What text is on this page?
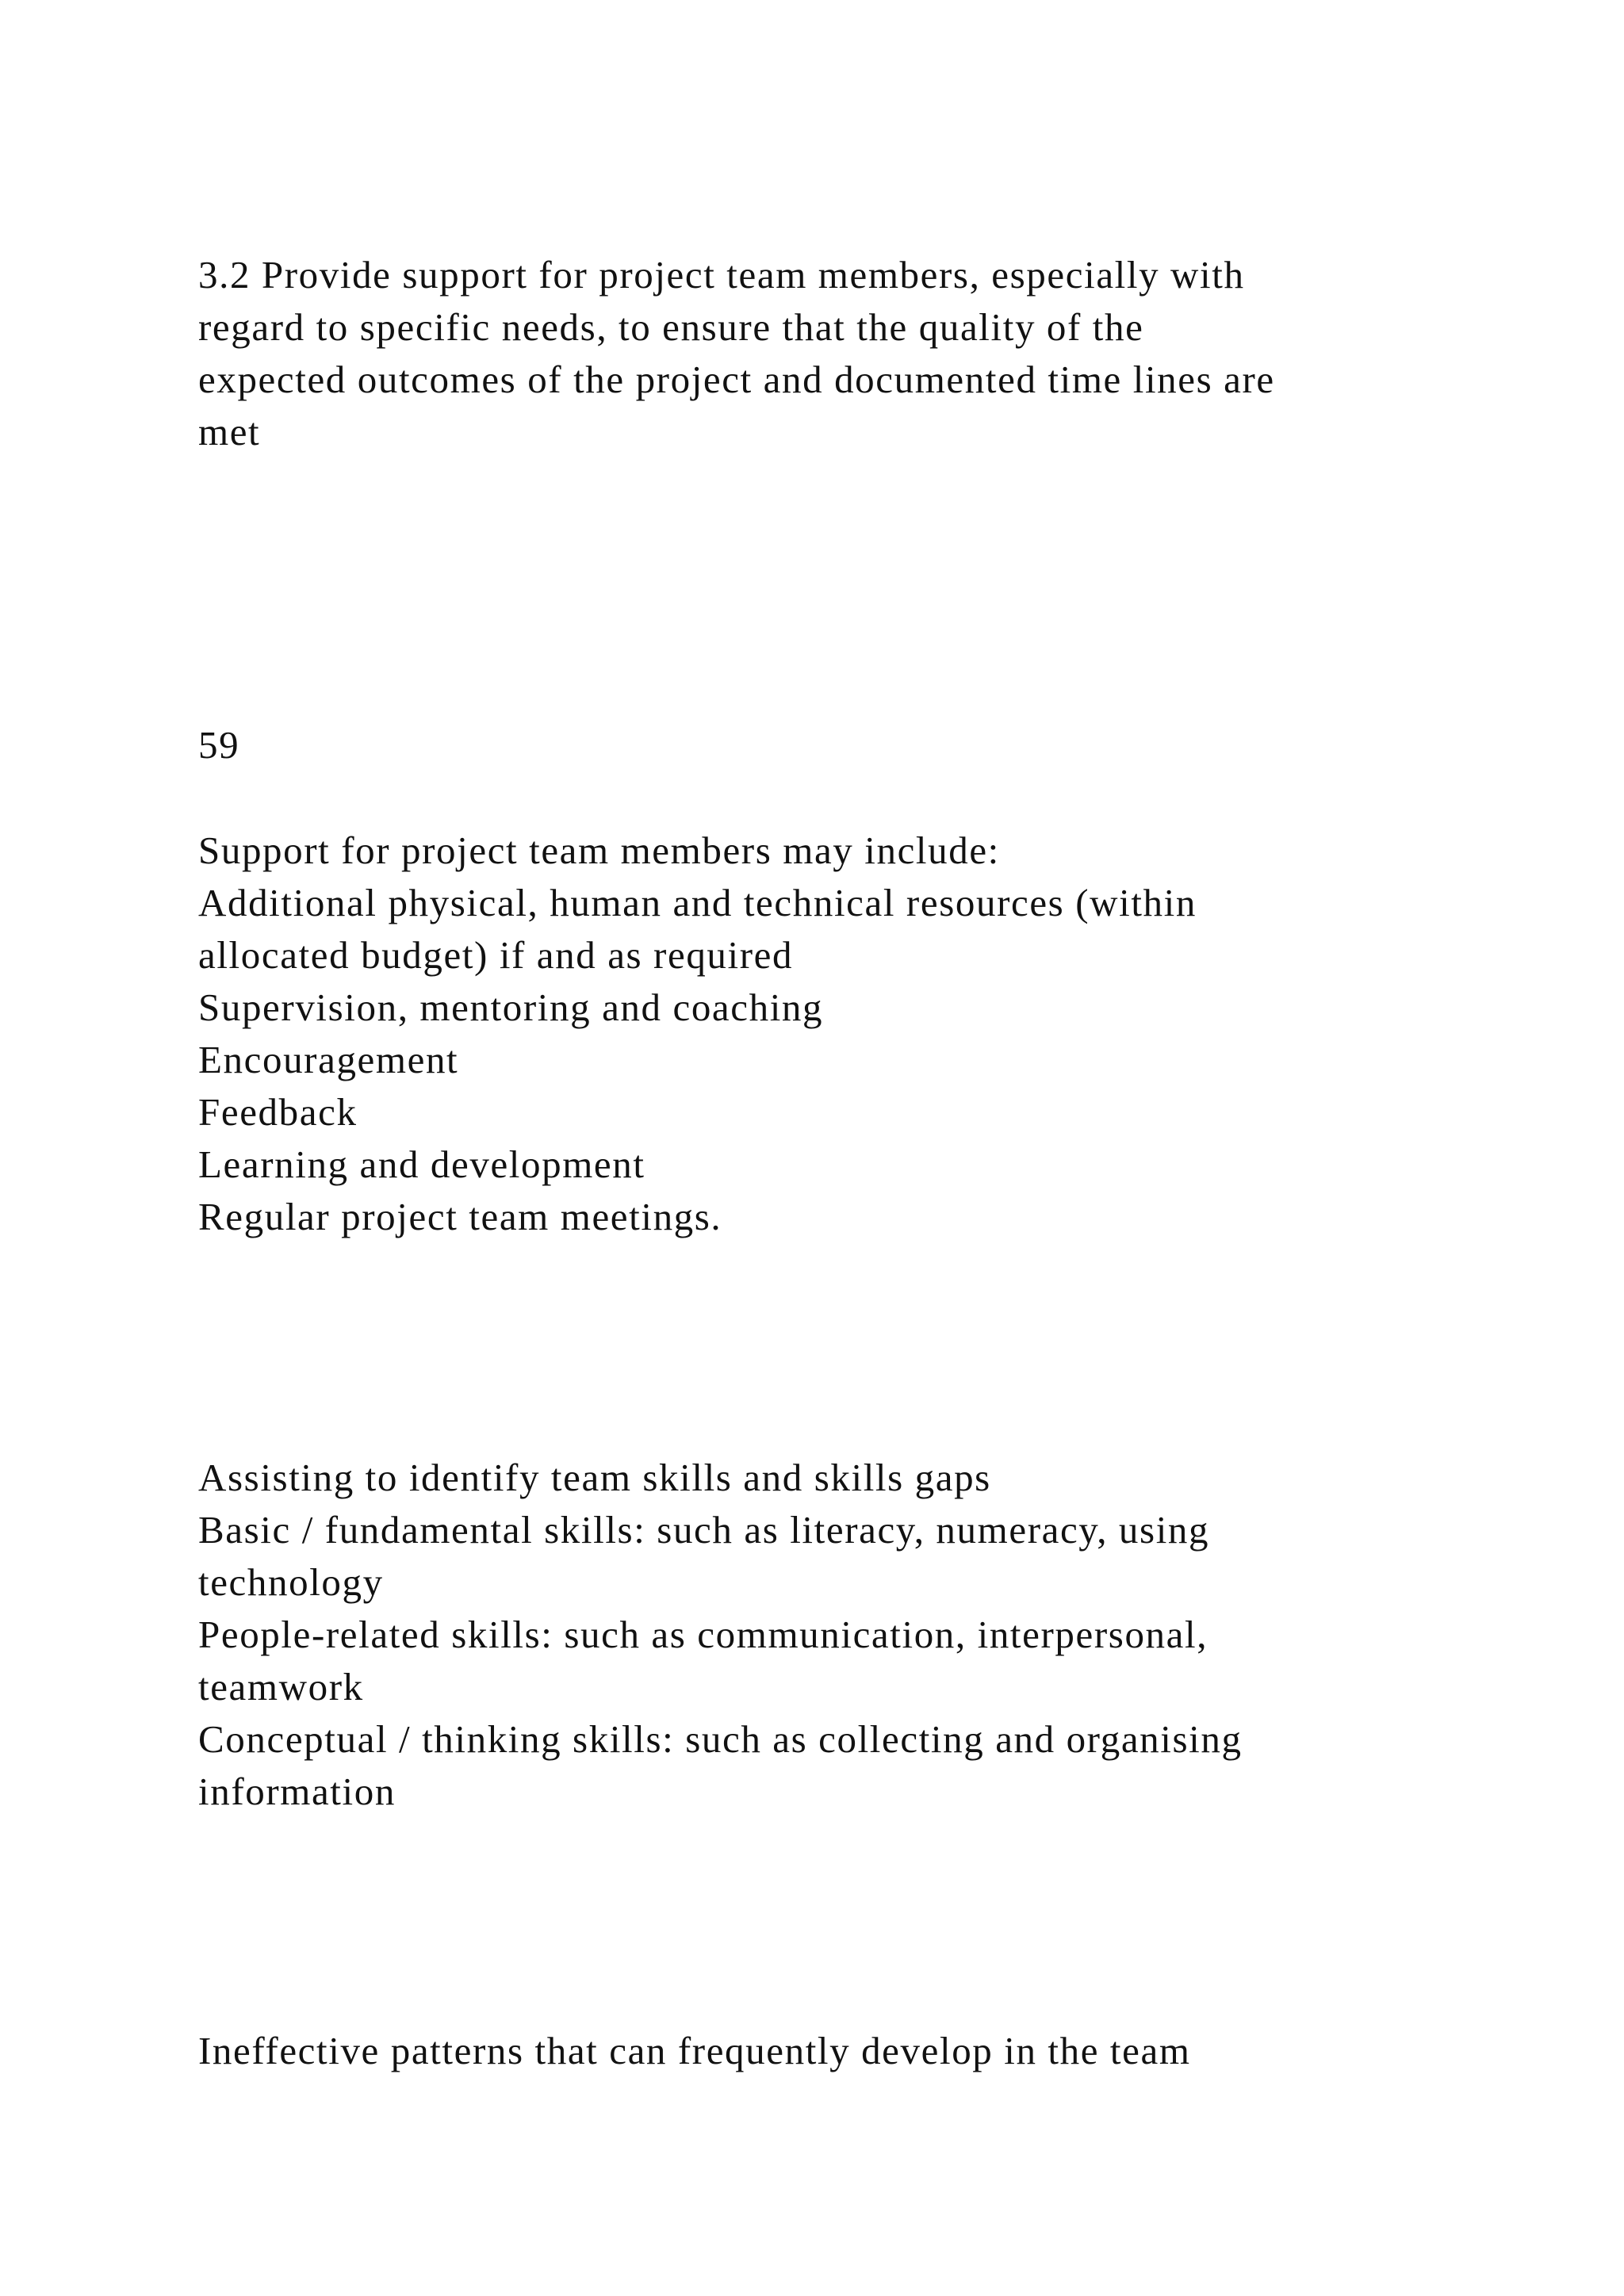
3.2 Provide support for project team members, especially with
regard to specific needs, to ensure that the quality of the
expected outcomes of the project and documented time lines are
met
59
Support for project team members may include:
Additional physical, human and technical resources (within
allocated budget) if and as required
Supervision, mentoring and coaching
Encouragement
Feedback
Learning and development
Regular project team meetings.
Assisting to identify team skills and skills gaps
Basic / fundamental skills: such as literacy, numeracy, using
technology
People-related skills: such as communication, interpersonal,
teamwork
Conceptual / thinking skills: such as collecting and organising
information
Ineffective patterns that can frequently develop in the team
